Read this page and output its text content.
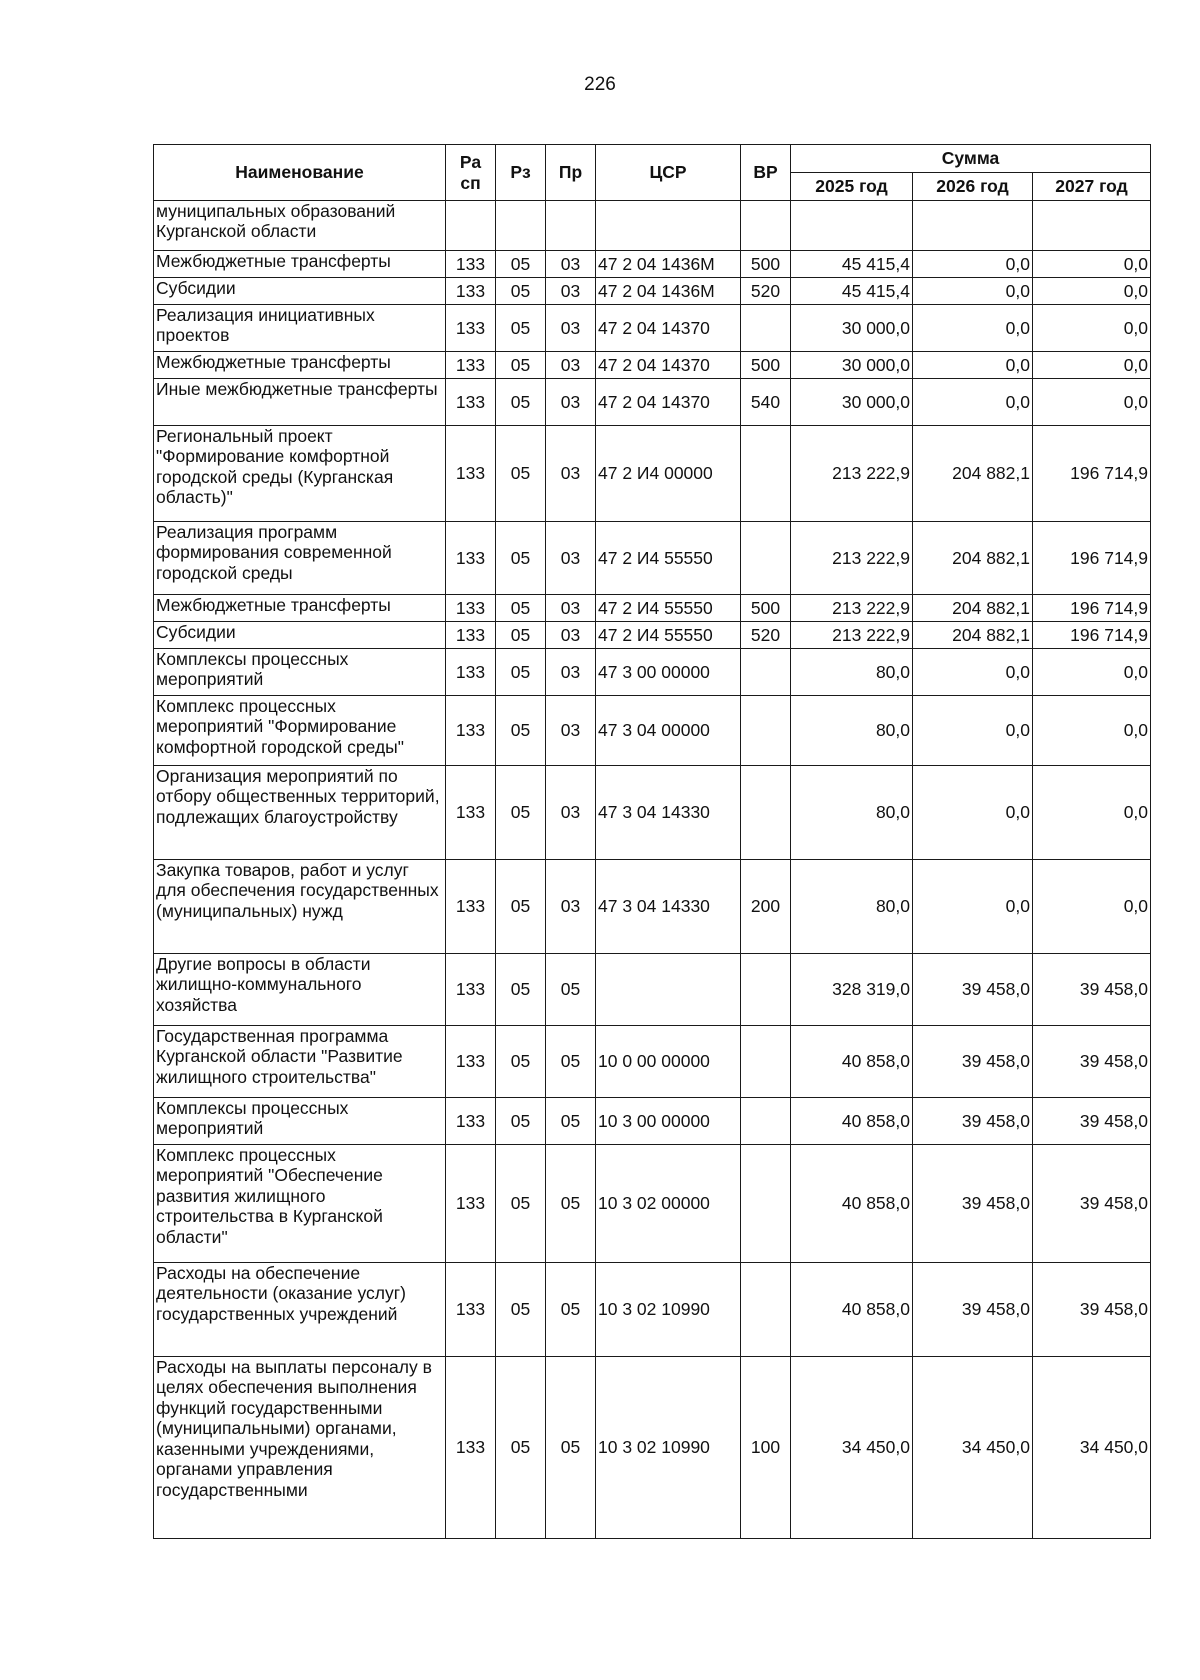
226
Наименование	Ра сп	Рз	Пр	ЦСР	ВР	Сумма		
						2025 год	2026 год	2027 год
муниципальных образований Курганской области								
Межбюджетные трансферты	133	05	03	47 2 04 1436M	500	45 415,4	0,0	0,0
Субсидии	133	05	03	47 2 04 1436M	520	45 415,4	0,0	0,0
Реализация инициативных проектов	133	05	03	47 2 04 14370		30 000,0	0,0	0,0
Межбюджетные трансферты	133	05	03	47 2 04 14370	500	30 000,0	0,0	0,0
Иные межбюджетные трансферты	133	05	03	47 2 04 14370	540	30 000,0	0,0	0,0
Региональный проект "Формирование комфортной городской среды (Курганская область)"	133	05	03	47 2 И4 00000		213 222,9	204 882,1	196 714,9
Реализация программ формирования современной городской среды	133	05	03	47 2 И4 55550		213 222,9	204 882,1	196 714,9
Межбюджетные трансферты	133	05	03	47 2 И4 55550	500	213 222,9	204 882,1	196 714,9
Субсидии	133	05	03	47 2 И4 55550	520	213 222,9	204 882,1	196 714,9
Комплексы процессных мероприятий	133	05	03	47 3 00 00000		80,0	0,0	0,0
Комплекс процессных мероприятий "Формирование комфортной городской среды"	133	05	03	47 3 04 00000		80,0	0,0	0,0
Организация мероприятий по отбору общественных территорий, подлежащих благоустройству	133	05	03	47 3 04 14330		80,0	0,0	0,0
Закупка товаров, работ и услуг для обеспечения государственных (муниципальных) нужд	133	05	03	47 3 04 14330	200	80,0	0,0	0,0
Другие вопросы в области жилищно-коммунального хозяйства	133	05	05			328 319,0	39 458,0	39 458,0
Государственная программа Курганской области "Развитие жилищного строительства"	133	05	05	10 0 00 00000		40 858,0	39 458,0	39 458,0
Комплексы процессных мероприятий	133	05	05	10 3 00 00000		40 858,0	39 458,0	39 458,0
Комплекс процессных мероприятий "Обеспечение развития жилищного строительства в Курганской области"	133	05	05	10 3 02 00000		40 858,0	39 458,0	39 458,0
Расходы на обеспечение деятельности (оказание услуг) государственных учреждений	133	05	05	10 3 02 10990		40 858,0	39 458,0	39 458,0
Расходы на выплаты персоналу в целях обеспечения выполнения функций государственными (муниципальными) органами, казенными учреждениями, органами управления государственными	133	05	05	10 3 02 10990	100	34 450,0	34 450,0	34 450,0
